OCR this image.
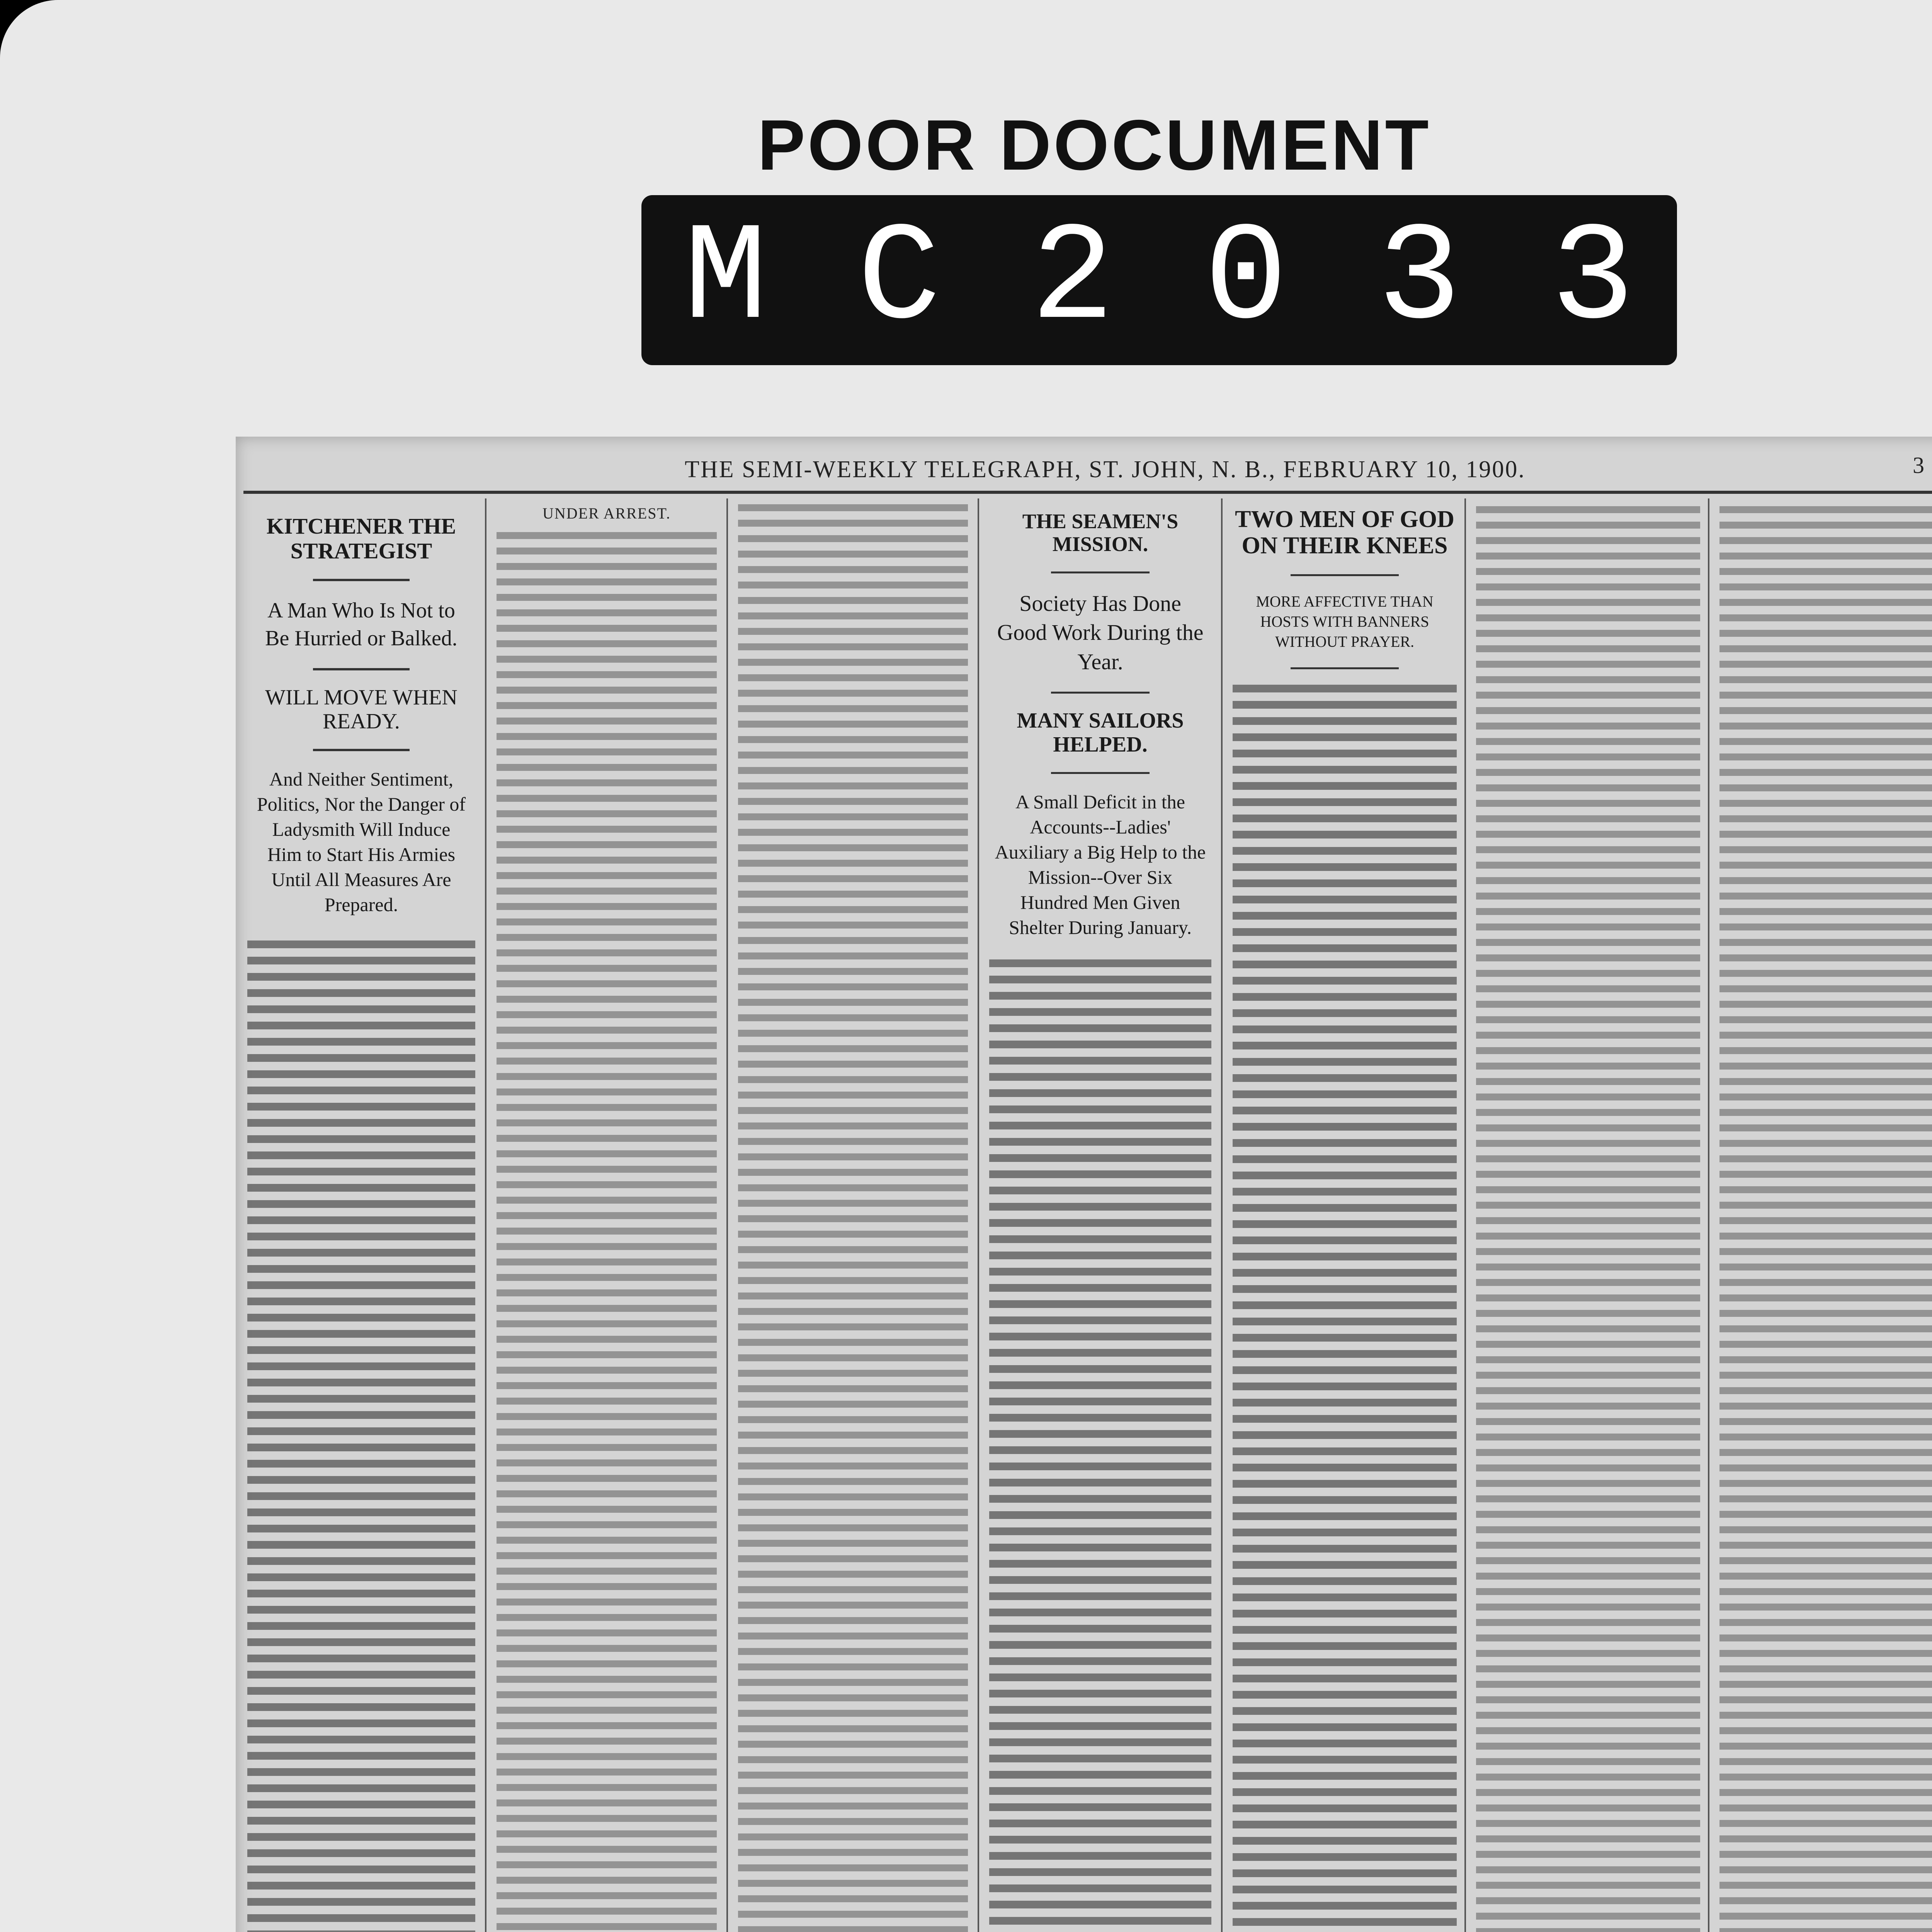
POOR DOCUMENT
M C 2 0 3 3
THE SEMI-WEEKLY TELEGRAPH, ST. JOHN, N. B., FEBRUARY 10, 1900.	3
KITCHENER THE STRATEGIST
A Man Who Is Not to Be Hurried or Balked.
WILL MOVE WHEN READY.
And Neither Sentiment, Politics, Nor the Danger of Ladysmith Will Induce Him to Start His Armies Until All Measures Are Prepared.
UNDER ARREST.	THE SEAMEN'S MISSION.
Society Has Done Good Work During the Year.
MANY SAILORS HELPED.
A Small Deficit in the Accounts--Ladies' Auxiliary a Big Help to the Mission--Over Six Hundred Men Given Shelter During January.
TWO MEN OF GOD ON THEIR KNEES
MORE AFFECTIVE THAN HOSTS WITH BANNERS WITHOUT PRAYER.
